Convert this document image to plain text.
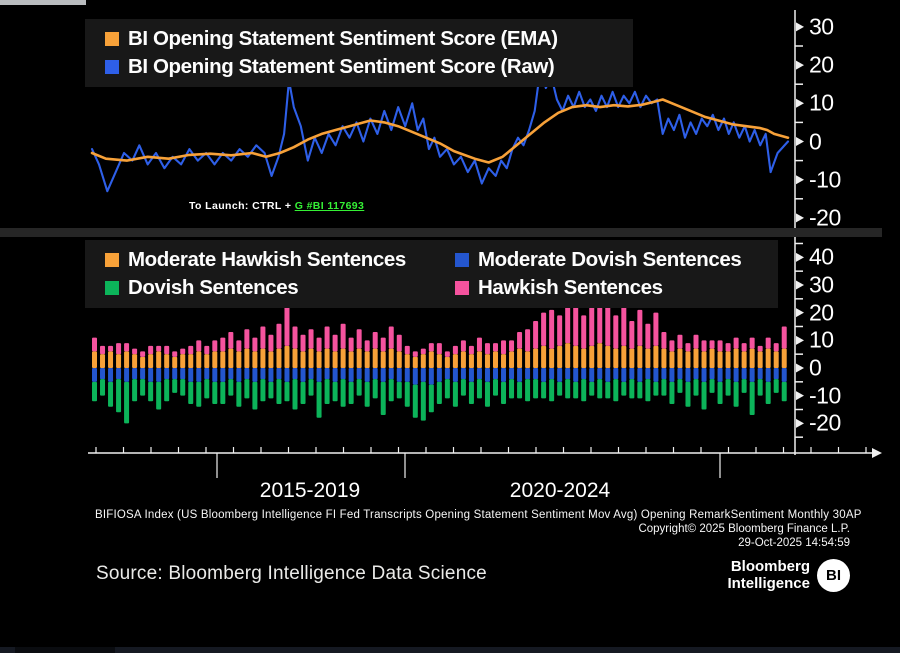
30
20
10
0
-10
-20
40
30
20
10
0
-10
-20
BI Opening Statement Sentiment Score (EMA)
BI Opening Statement Sentiment Score (Raw)
To Launch: CTRL + G #BI 117693
Moderate Hawkish Sentences	Moderate Dovish Sentences
Dovish Sentences	Hawkish Sentences
2015-2019	2020-2024
BIFIOSA Index (US Bloomberg Intelligence FI Fed Transcripts Opening Statement Sentiment Mov Avg) Opening RemarkSentiment Monthly 30AP
Copyright© 2025 Bloomberg Finance L.P.
29-Oct-2025 14:54:59
Source: Bloomberg Intelligence Data Science	Bloomberg
Intelligence	BI
